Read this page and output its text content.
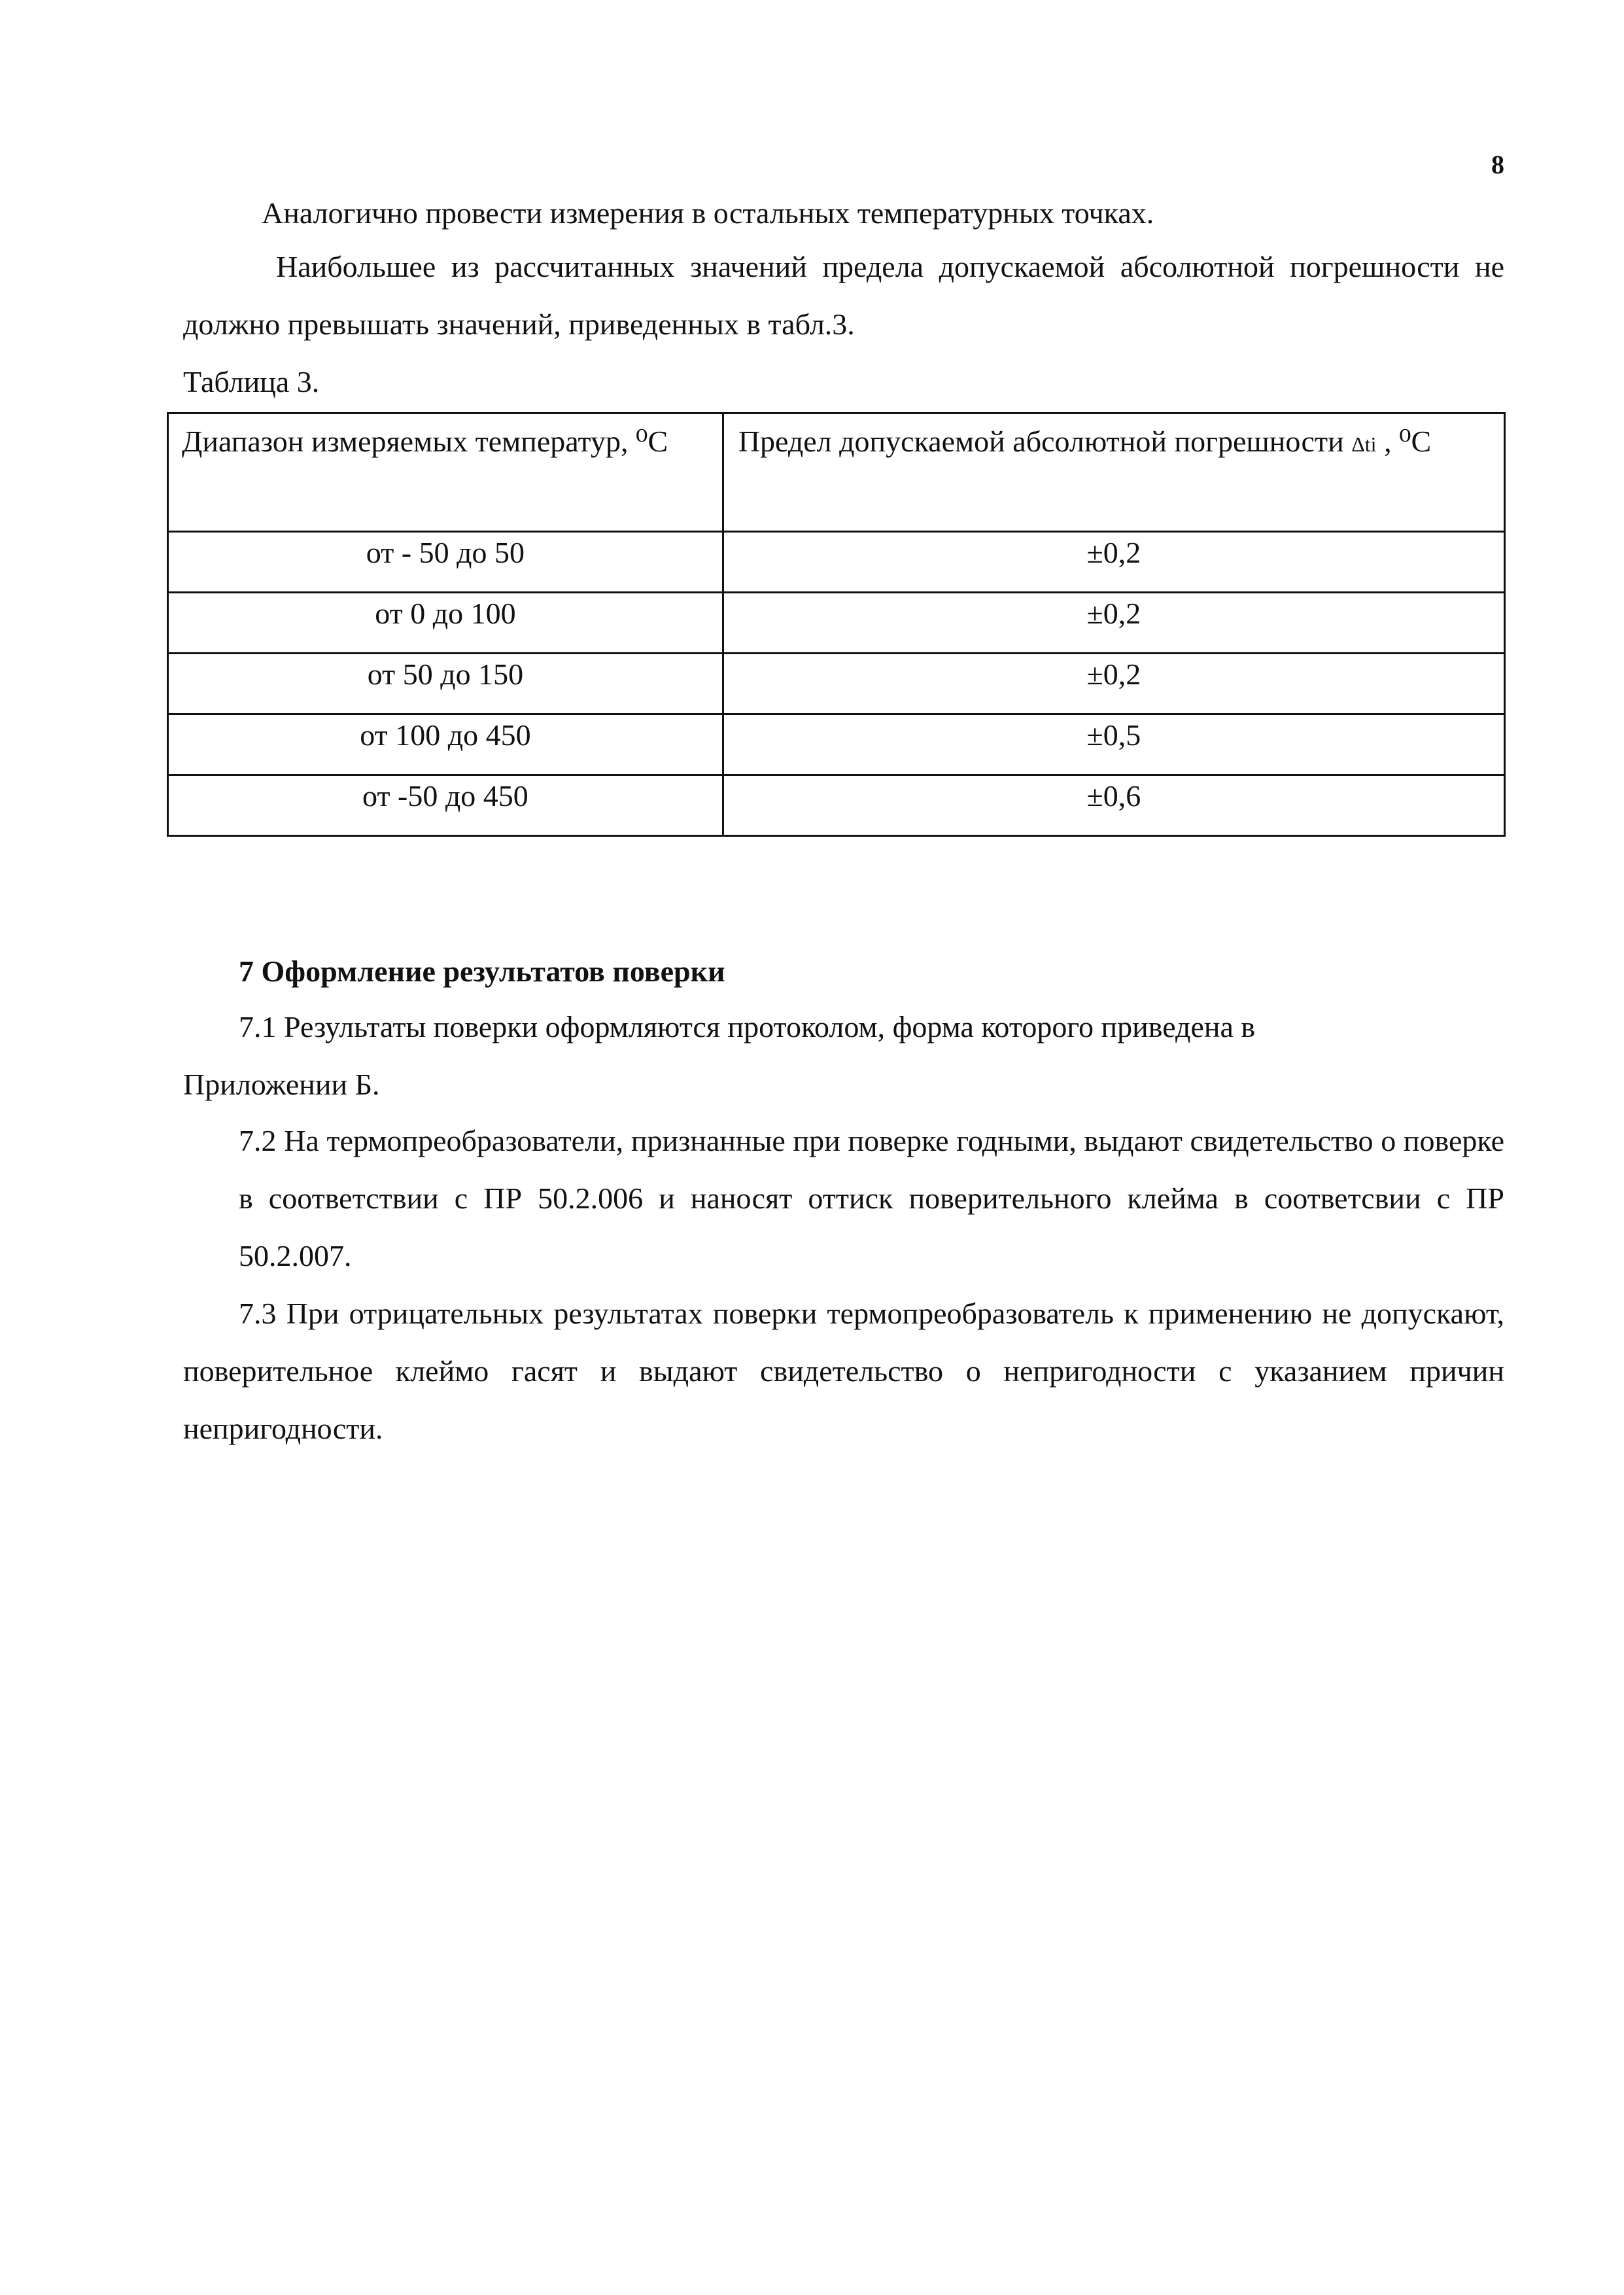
8
Аналогично провести измерения в остальных температурных точках.
Наибольшее из рассчитанных значений предела допускаемой абсолютной погрешности не должно превышать значений, приведенных в табл.3.
Таблица 3.
Диапазон измеряемых температур, ⁰С	Предел допускаемой абсолютной погрешности Δti , ⁰С
от - 50 до 50	±0,2
от 0 до 100	±0,2
от 50 до 150	±0,2
от 100 до 450	±0,5
от -50 до 450	±0,6
7 Оформление результатов поверки
7.1 Результаты поверки оформляются протоколом, форма которого приведена в Приложении Б.
7.2 На термопреобразователи, признанные при поверке годными, выдают свидетельство о поверке в соответствии с ПР 50.2.006 и наносят оттиск поверительного клейма в соответсвии с ПР 50.2.007.
7.3 При отрицательных результатах поверки термопреобразователь к применению не допускают, поверительное клеймо гасят и выдают свидетельство о непригодности с указанием причин непригодности.
